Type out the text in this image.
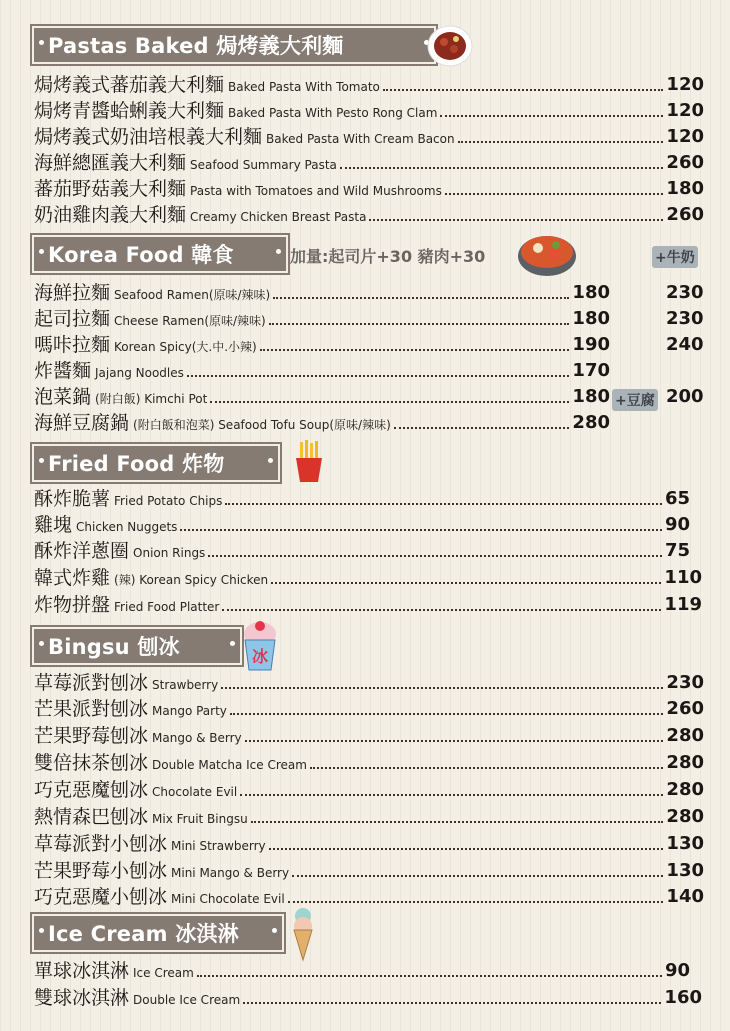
Pastas Baked 焗烤義大利麵
焗烤義式蕃茄義大利麵 Baked Pasta With Tomato	120
焗烤青醬蛤蜊義大利麵 Baked Pasta With Pesto Rong Clam	120
焗烤義式奶油培根義大利麵 Baked Pasta With Cream Bacon	120
海鮮總匯義大利麵 Seafood Summary Pasta	260
蕃茄野菇義大利麵 Pasta with Tomatoes and Wild Mushrooms	180
奶油雞肉義大利麵 Creamy Chicken Breast Pasta	260
Korea Food 韓食	加量:起司片+30 豬肉+30	+牛奶
海鮮拉麵 Seafood Ramen(原味/辣味)	180	230
起司拉麵 Cheese Ramen(原味/辣味)	180	230
嗎咔拉麵 Korean Spicy(大.中.小辣)	190	240
炸醬麵 Jajang Noodles	170
泡菜鍋 (附白飯) Kimchi Pot	180 +豆腐 200
海鮮豆腐鍋 (附白飯和泡菜) Seafood Tofu Soup(原味/辣味)	280
Fried Food 炸物
酥炸脆薯 Fried Potato Chips	65
雞塊 Chicken Nuggets	90
酥炸洋蔥圈 Onion Rings	75
韓式炸雞 (辣) Korean Spicy Chicken	110
炸物拼盤 Fried Food Platter	119
Bingsu 刨冰	冰
草莓派對刨冰 Strawberry	230
芒果派對刨冰 Mango Party	260
芒果野莓刨冰 Mango & Berry	280
雙倍抹茶刨冰 Double Matcha Ice Cream	280
巧克惡魔刨冰 Chocolate Evil	280
熱情森巴刨冰 Mix Fruit Bingsu	280
草莓派對小刨冰 Mini Strawberry	130
芒果野莓小刨冰 Mini Mango & Berry	130
巧克惡魔小刨冰 Mini Chocolate Evil	140
Ice Cream 冰淇淋
單球冰淇淋 Ice Cream	90
雙球冰淇淋 Double Ice Cream	160
